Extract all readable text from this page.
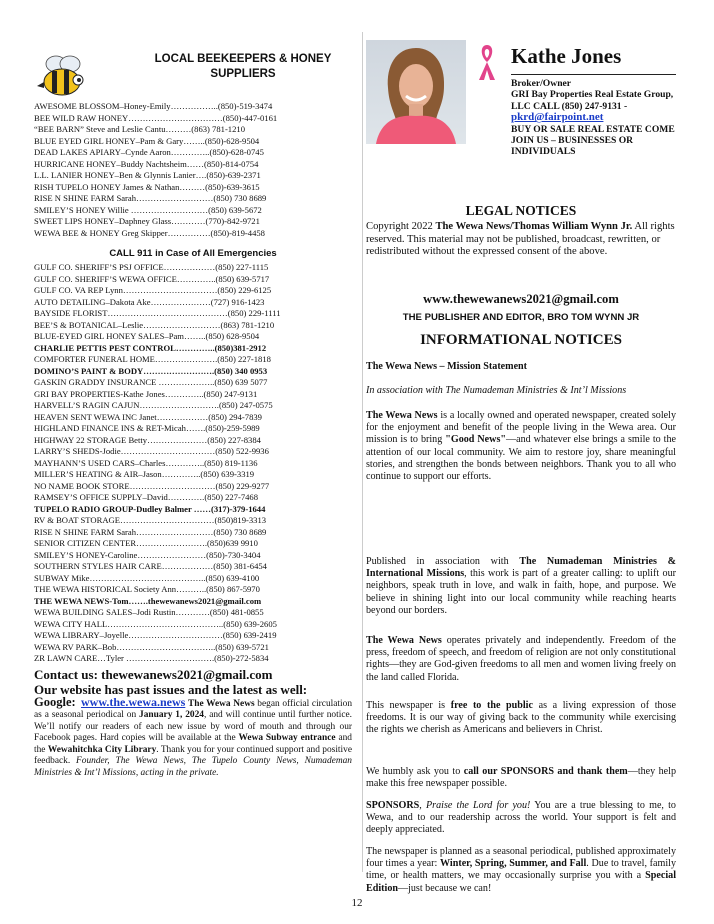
LOCAL BEEKEEPERS & HONEY SUPPLIERS
AWESOME BLOSSOM–Honey-Emily……………..(850)-519-3474
BEE WILD RAW HONEY……………………………(850)-447-0161
“BEE BARN” Steve and Leslie Cantu………(863) 781-1210
BLUE EYED GIRL HONEY–Pam & Gary……..(850)-628-9504
DEAD LAKES APIARY–Cynde Aaron…………..(850)-628-0745
HURRICANE HONEY–Buddy Nachtsheim……(850)-814-0754
L.L. LANIER HONEY–Ben & Glynnis Lanier….(850)-639-2371
RISH TUPELO HONEY James & Nathan………(850)-639-3615
RISE N SHINE FARM Sarah………………………(850) 730 8689
SMILEY’S HONEY Willie ………………………(850) 639-5672
SWEET LIPS HONEY–Daphney Glass…………(770)-842-9721
WEWA BEE & HONEY Greg Skipper……………(850)-819-4458
CALL 911 in Case of All Emergencies
GULF CO. SHERIFF’S PSJ OFFICE………………(850) 227-1115
GULF CO. SHERIFF’S WEWA OFFICE…………..(850) 639-5717
GULF CO. VA REP Lynn……………………………(850) 229-6125
AUTO DETAILING–Dakota Ake…………………(727) 916-1423
BAYSIDE FLORIST……………………………………(850) 229-1111
BEE’S & BOTANICAL–Leslie………………………(863) 781-1210
BLUE-EYED GIRL HONEY SALES–Pam……..(850) 628-9504
CHARLIE PETTIS PEST CONTROL…………..(850)381-2912
COMFORTER FUNERAL HOME………………….(850) 227-1818
DOMINO’S PAINT & BODY…………………….(850) 340 0953
GASKIN GRADDY INSURANCE ………………..(850) 639 5077
GRI BAY PROPERTIES-Kathe Jones…………..(850) 247-9131
HARVELL’S RAGIN CAJUN……………………….(850) 247-0575
HEAVEN SENT WEWA INC Janet………………(850) 294-7839
HIGHLAND FINANCE INS & RET-Micah…….(850)-259-5989
HIGHWAY 22 STORAGE Betty…………………(850) 227-8384
LARRY’S SHEDS-Jodie……………………………(850) 522-9936
MAYHANN’S USED CARS–Charles…………..(850) 819-1136
MILLER’S HEATING & AIR–Jason…………..(850) 639-3319
NO NAME BOOK STORE…………………………(850) 229-9277
RAMSEY’S OFFICE SUPPLY–David………….(850) 227-7468
TUPELO RADIO GROUP-Dudley Balmer ……(317)-379-1644
RV & BOAT STORAGE……………………………(850)819-3313
RISE N SHINE FARM Sarah………………………(850) 730 8689
SENIOR CITIZEN CENTER…………………….(850)639 9910
SMILEY’S HONEY-Caroline……………………(850)-730-3404
SOUTHERN STYLES HAIR CARE………………(850) 381-6454
SUBWAY Mike…………………………………..(850) 639-4100
THE WEWA HISTORICAL Society Ann………..(850) 867-5970
THE WEWA NEWS-Tom…….thewewanews2021@gmail.com
WEWA BUILDING SALES–Jodi Rustin…………(850) 481-0855
WEWA CITY HALL…………………………………..(850) 639-2605
WEWA LIBRARY–Joyelle……………………………(850) 639-2419
WEWA RV PARK–Bob……………………………..(850) 639-5721
ZR LAWN CARE…Tyler ………………………….(850)-272-5834
Contact us: thewewanews2021@gmail.com
Our website has past issues and the latest as well:
Google: www.the.wewa.news The Wewa News began official circulation as a seasonal periodical on January 1, 2024, and will continue until further notice. We’ll notify our readers of each new issue by word of mouth and through our Facebook pages. Hard copies will be available at the Wewa Subway entrance and the Wewahitchka City Library. Thank you for your continued support and positive feedback. Founder, The Wewa News, The Tupelo County News, Numademan Ministries & Int’l Missions, acting in the private.
Kathe Jones
Broker/Owner
GRI Bay Properties Real Estate Group, LLC CALL (850) 247-9131 -
pkrd@fairpoint.net
BUY OR SALE REAL ESTATE COME JOIN US – BUSINESSES OR INDIVIDUALS
LEGAL NOTICES
Copyright 2022 The Wewa News/Thomas William Wynn Jr. All rights reserved. This material may not be published, broadcast, rewritten, or redistributed without the expressed consent of the above.
www.thewewanews2021@gmail.com
THE PUBLISHER AND EDITOR, BRO TOM WYNN JR
INFORMATIONAL NOTICES
The Wewa News – Mission Statement
In association with The Numademan Ministries & Int’l Missions
The Wewa News is a locally owned and operated newspaper, created solely for the enjoyment and benefit of the people living in the Wewa area. Our mission is to bring "Good News"—and whatever else brings a smile to the attention of our local community. We aim to restore joy, share meaningful stories, and strengthen the bonds between neighbors. Thank you to all who continue to support our efforts.
Published in association with The Numademan Ministries & International Missions, this work is part of a greater calling: to uplift our neighbors, speak truth in love, and walk in faith, hope, and purpose. We believe in shining light into our local community while reaching hearts beyond our borders.
The Wewa News operates privately and independently. Freedom of the press, freedom of speech, and freedom of religion are not only constitutional rights—they are God-given freedoms to all men and women living freely on the land called Florida.
This newspaper is free to the public as a living expression of those freedoms. It is our way of giving back to the community while exercising the rights we cherish as Americans and believers in Christ.
We humbly ask you to call our SPONSORS and thank them—they help make this free newspaper possible.
SPONSORS, Praise the Lord for you! You are a true blessing to me, to Wewa, and to our readership across the world. Your support is felt and deeply appreciated.
The newspaper is planned as a seasonal periodical, published approximately four times a year: Winter, Spring, Summer, and Fall. Due to travel, family time, or health matters, we may occasionally surprise you with a Special Edition—just because we can!
12
